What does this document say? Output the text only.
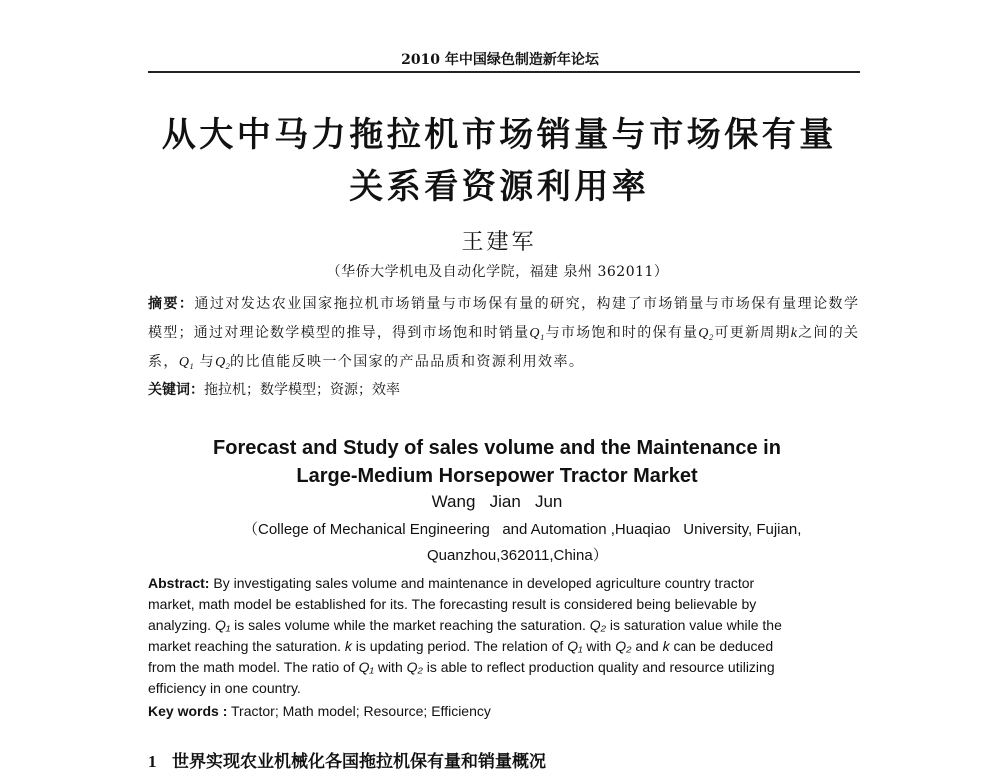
2010 年中国绿色制造新年论坛
从大中马力拖拉机市场销量与市场保有量
关系看资源利用率
王建军
（华侨大学机电及自动化学院，福建 泉州 362011）
摘要：通过对发达农业国家拖拉机市场销量与市场保有量的研究，构建了市场销量与市场保有量理论数学
模型；通过对理论数学模型的推导，得到市场饱和时销量Q₁与市场饱和时的保有量Q₂可更新周期k之间的关
系，Q₁ 与Q₂的比值能反映一个国家的产品品质和资源利用效率。
关键词：拖拉机；数学模型；资源；效率
Forecast and Study of sales volume and the Maintenance in
Large-Medium Horsepower Tractor Market
Wang   Jian   Jun
（College of Mechanical Engineering   and Automation ,Huaqiao   University, Fujian,
Quanzhou,362011,China）
Abstract: By investigating sales volume and maintenance in developed agriculture country tractor
market, math model be established for its. The forecasting result is considered being believable by
analyzing. Q₁ is sales volume while the market reaching the saturation. Q₂ is saturation value while the
market reaching the saturation. k is updating period. The relation of Q₁ with Q₂ and k can be deduced
from the math model. The ratio of Q₁ with Q₂ is able to reflect production quality and resource utilizing
efficiency in one country.
Key words : Tractor; Math model; Resource; Efficiency
1 世界实现农业机械化各国拖拉机保有量和销量概况
